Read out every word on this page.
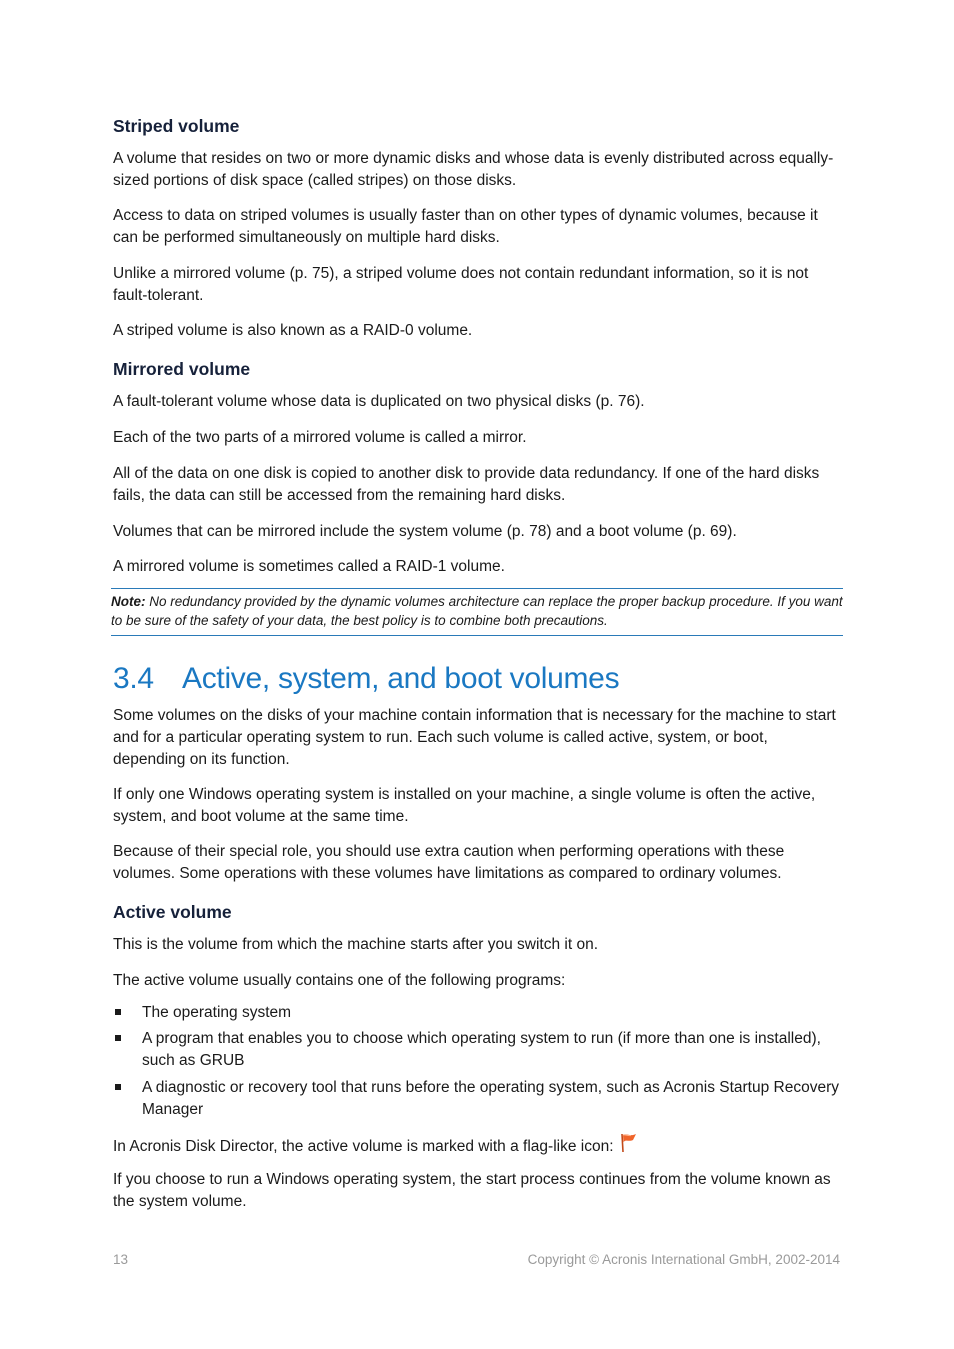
Striped volume

A volume that resides on two or more dynamic disks and whose data is evenly distributed across equally-sized portions of disk space (called stripes) on those disks.

Access to data on striped volumes is usually faster than on other types of dynamic volumes, because it can be performed simultaneously on multiple hard disks.

Unlike a mirrored volume (p. 75), a striped volume does not contain redundant information, so it is not fault-tolerant.

A striped volume is also known as a RAID-0 volume.

Mirrored volume

A fault-tolerant volume whose data is duplicated on two physical disks (p. 76).

Each of the two parts of a mirrored volume is called a mirror.

All of the data on one disk is copied to another disk to provide data redundancy. If one of the hard disks fails, the data can still be accessed from the remaining hard disks.

Volumes that can be mirrored include the system volume (p. 78) and a boot volume (p. 69).

A mirrored volume is sometimes called a RAID-1 volume.

Note: No redundancy provided by the dynamic volumes architecture can replace the proper backup procedure. If you want to be sure of the safety of your data, the best policy is to combine both precautions.
3.4 Active, system, and boot volumes

Some volumes on the disks of your machine contain information that is necessary for the machine to start and for a particular operating system to run. Each such volume is called active, system, or boot, depending on its function.

If only one Windows operating system is installed on your machine, a single volume is often the active, system, and boot volume at the same time.

Because of their special role, you should use extra caution when performing operations with these volumes. Some operations with these volumes have limitations as compared to ordinary volumes.

Active volume

This is the volume from which the machine starts after you switch it on.

The active volume usually contains one of the following programs:

The operating system
A program that enables you to choose which operating system to run (if more than one is installed), such as GRUB
A diagnostic or recovery tool that runs before the operating system, such as Acronis Startup Recovery Manager

In Acronis Disk Director, the active volume is marked with a flag-like icon:

If you choose to run a Windows operating system, the start process continues from the volume known as the system volume.

13	Copyright © Acronis International GmbH, 2002-2014
